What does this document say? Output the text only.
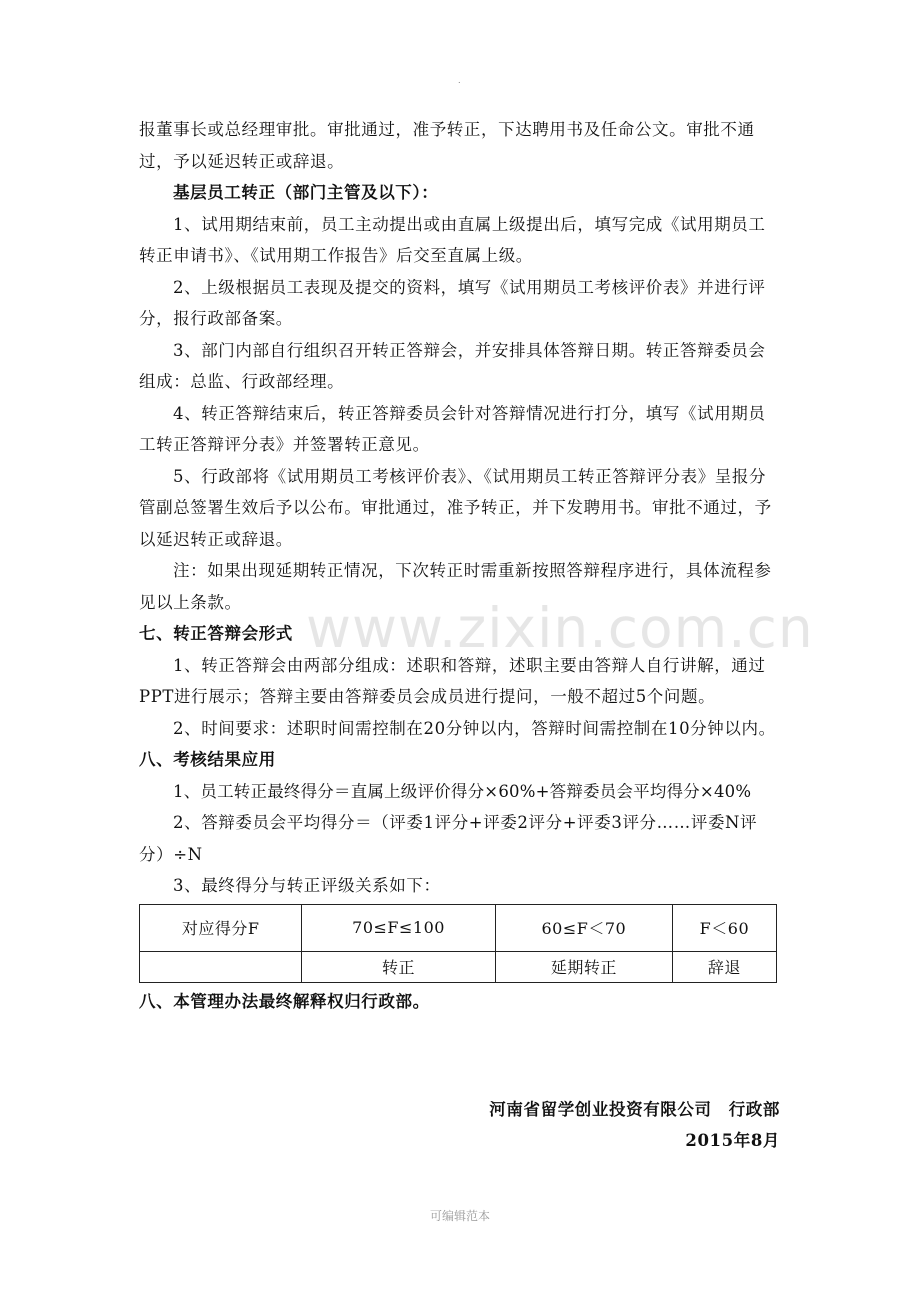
.
www.zixin.com.cn

报董事长或总经理审批。审批通过，准予转正，下达聘用书及任命公文。审批不通过，予以延迟转正或辞退。

基层员工转正（部门主管及以下）：

1、试用期结束前，员工主动提出或由直属上级提出后，填写完成《试用期员工转正申请书》、《试用期工作报告》后交至直属上级。

2、上级根据员工表现及提交的资料，填写《试用期员工考核评价表》并进行评分，报行政部备案。

3、部门内部自行组织召开转正答辩会，并安排具体答辩日期。转正答辩委员会组成：总监、行政部经理。

4、转正答辩结束后，转正答辩委员会针对答辩情况进行打分，填写《试用期员工转正答辩评分表》并签署转正意见。

5、行政部将《试用期员工考核评价表》、《试用期员工转正答辩评分表》呈报分管副总签署生效后予以公布。审批通过，准予转正，并下发聘用书。审批不通过，予以延迟转正或辞退。

注：如果出现延期转正情况，下次转正时需重新按照答辩程序进行，具体流程参见以上条款。

七、转正答辩会形式

1、转正答辩会由两部分组成：述职和答辩，述职主要由答辩人自行讲解，通过PPT进行展示；答辩主要由答辩委员会成员进行提问，一般不超过5个问题。

2、时间要求：述职时间需控制在20分钟以内，答辩时间需控制在10分钟以内。

八、考核结果应用

1、员工转正最终得分＝直属上级评价得分×60%+答辩委员会平均得分×40%

2、答辩委员会平均得分＝（评委1评分+评委2评分+评委3评分……评委N评分）÷N

3、最终得分与转正评级关系如下：

对应得分F	70≤F≤100	60≤F＜70	F＜60
	转正	延期转正	辞退

八、本管理办法最终解释权归行政部。

河南省留学创业投资有限公司　行政部
2015年8月
可编辑范本
